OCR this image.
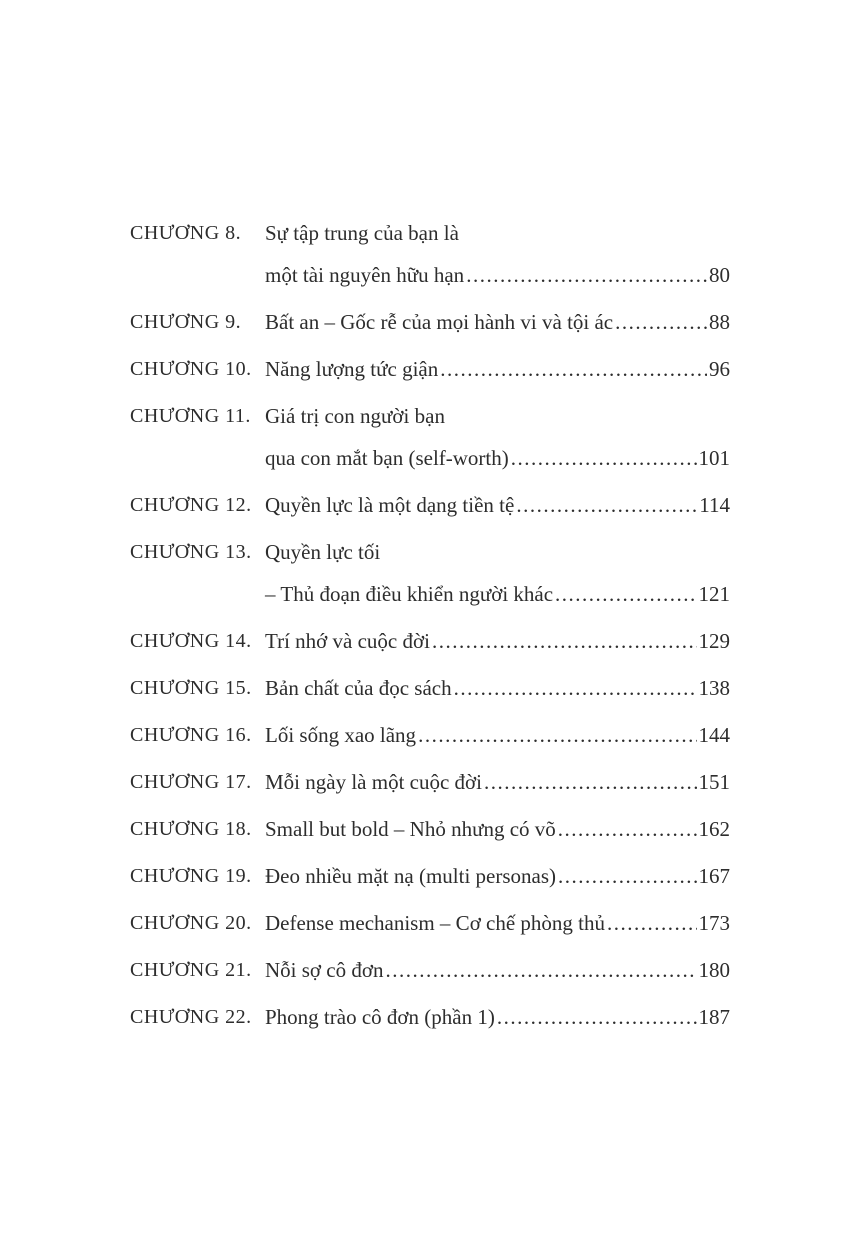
CHƯƠNG 8.	Sự tập trung của bạn là
một tài nguyên hữu hạn .....	80
CHƯƠNG 9.	Bất an – Gốc rễ của mọi hành vi và tội ác .....	88
CHƯƠNG 10. Năng lượng tức giận .....	96
CHƯƠNG 11. Giá trị con người bạn
qua con mắt bạn (self-worth) .....	101
CHƯƠNG 12. Quyền lực là một dạng tiền tệ .....	114
CHƯƠNG 13. Quyền lực tối
– Thủ đoạn điều khiển người khác .....	121
CHƯƠNG 14. Trí nhớ và cuộc đời .....	129
CHƯƠNG 15. Bản chất của đọc sách .....	138
CHƯƠNG 16. Lối sống xao lãng .....	144
CHƯƠNG 17. Mỗi ngày là một cuộc đời .....	151
CHƯƠNG 18. Small but bold – Nhỏ nhưng có võ .....	162
CHƯƠNG 19. Đeo nhiều mặt nạ (multi personas) .....	167
CHƯƠNG 20. Defense mechanism – Cơ chế phòng thủ .....	173
CHƯƠNG 21. Nỗi sợ cô đơn .....	180
CHƯƠNG 22. Phong trào cô đơn (phần 1) .....	187
